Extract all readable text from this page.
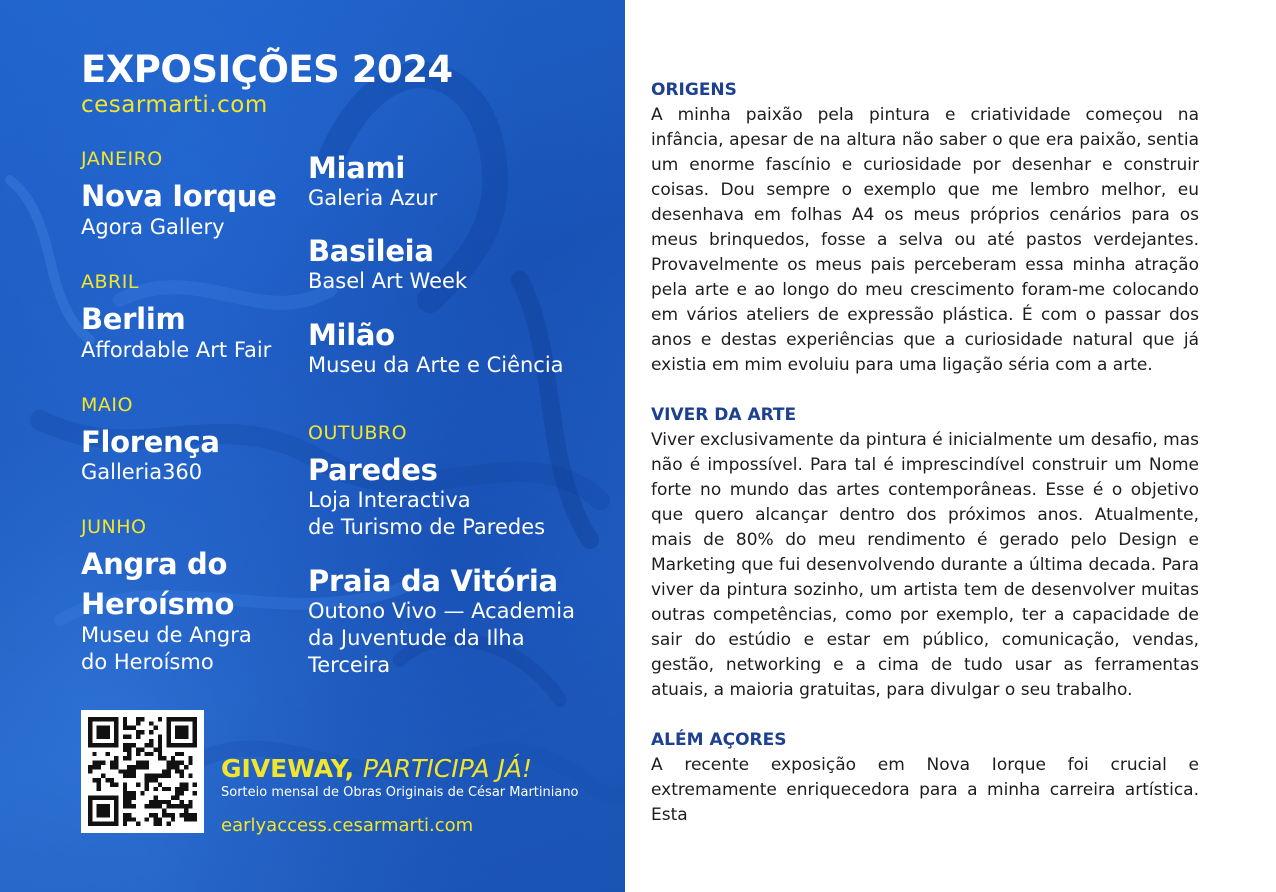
EXPOSIÇÕES 2024
cesarmarti.com
JANEIRO
Nova Iorque
Agora Gallery
ABRIL
Berlim
Affordable Art Fair
MAIO
Florença
Galleria360
JUNHO
Angra do
Heroísmo
Museu de Angra
do Heroísmo
Miami
Galeria Azur
Basileia
Basel Art Week
Milão
Museu da Arte e Ciência
OUTUBRO
Paredes
Loja Interactiva
de Turismo de Paredes
Praia da Vitória
Outono Vivo — Academia
da Juventude da Ilha
Terceira
GIVEWAY, PARTICIPA JÁ!
Sorteio mensal de Obras Originais de César Martiniano
earlyaccess.cesarmarti.com
ORIGENS
A minha paixão pela pintura e criatividade começou na infância, apesar de na altura não saber o que era paixão, sentia um enorme fascínio e curiosidade por desenhar e construir coisas. Dou sempre o exemplo que me lembro melhor, eu desenhava em folhas A4 os meus próprios cenários para os meus brinquedos, fosse a selva ou até pastos verdejantes. Provavelmente os meus pais perceberam essa minha atração pela arte e ao longo do meu crescimento foram-me colocando em vários ateliers de expressão plástica. É com o passar dos anos e destas experiências que a curiosidade natural que já existia em mim evoluiu para uma ligação séria com a arte.
VIVER DA ARTE
Viver exclusivamente da pintura é inicialmente um desafio, mas não é impossível. Para tal é imprescindível construir um Nome forte no mundo das artes contemporâneas. Esse é o objetivo que quero alcançar dentro dos próximos anos. Atualmente, mais de 80% do meu rendimento é gerado pelo Design e Marketing que fui desenvolvendo durante a última decada. Para viver da pintura sozinho, um artista tem de desenvolver muitas outras competências, como por exemplo, ter a capacidade de sair do estúdio e estar em público, comunicação, vendas, gestão, networking e a cima de tudo usar as ferramentas atuais, a maioria gratuitas, para divulgar o seu trabalho.
ALÉM AÇORES
A recente exposição em Nova Iorque foi crucial e extremamente enriquecedora para a minha carreira artística. Esta
